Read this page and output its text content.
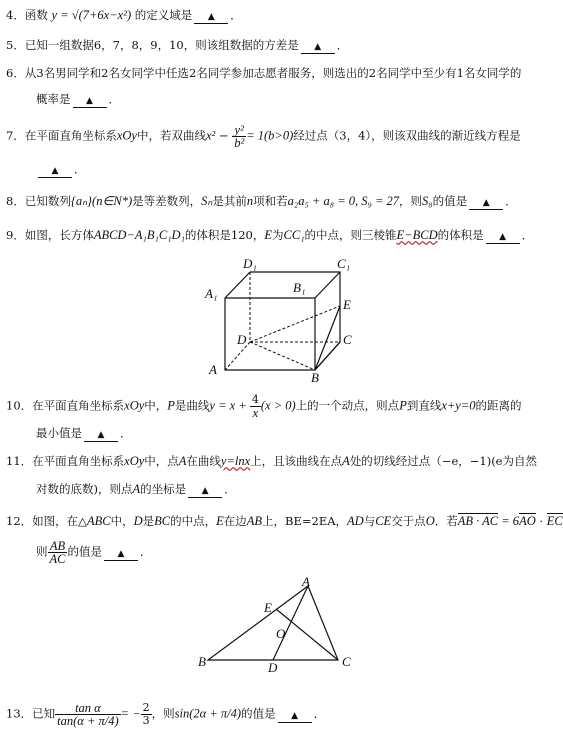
4．函数 y = √(7+6x−x²) 的定义域是 ▲ ．
5．已知一组数据6，7，8，9，10，则该组数据的方差是 ▲ ．
6．从3名男同学和2名女同学中任选2名同学参加志愿者服务，则选出的2名同学中至少有1名女同学的
概率是 ▲ ．
7．在平面直角坐标系xOy中，若双曲线$x^2 - \frac{\text{y²}}{\text{b²}} = 1(b>0)$经过点（3，4），则该双曲线的渐近线方程是
▲ ．
8．已知数列{aₙ}(n∈N*)是等差数列，Sₙ是其前n项和若a₂a₅ + a₈ = 0, S₉ = 27，则S₈的值是 ▲ ．
9．如图，长方体ABCD−A₁B₁C₁D₁的体积是120，E为CC₁的中点，则三棱锥E−BCD的体积是 ▲ ．
D₁	C₁
A₁	B₁
E
D	C
A
B
10．在平面直角坐标系xOy中，P是曲线$y = x + \frac{4}{x} (x > 0)$上的一个动点，则点P到直线x+y=0的距离的
最小值是 ▲ ．
11．在平面直角坐标系xOy中，点A在曲线y=lnx上，且该曲线在点A处的切线经过点（−e，−1)(e为自然
对数的底数)，则点A的坐标是 ▲ ．
12．如图，在△ABC中，D是BC的中点，E在边AB上，BE=2EA，AD与CE交于点O．若AB · AC = 6AO · EC
则 $\frac{AB}{AC}$ 的值是 ▲ ．
A
E
O
B	D	C
13．已知 $\frac{\text{tan α}}{\tan(\alpha + \pi/4)}$ = − $\frac{2}{3}$ ，则sin(2α + π/4)的值是 ▲ ．
